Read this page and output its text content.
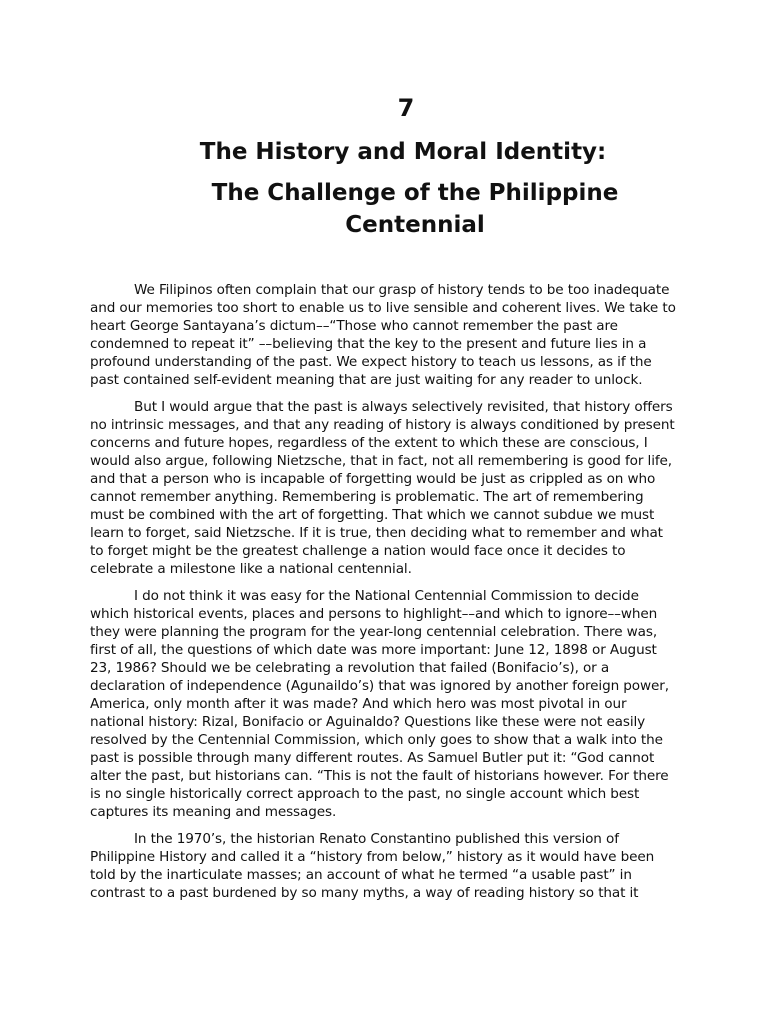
7
The History and Moral Identity:
The Challenge of the Philippine Centennial

We Filipinos often complain that our grasp of history tends to be too inadequate and our memories too short to enable us to live sensible and coherent lives. We take to heart George Santayana’s dictum––“Those who cannot remember the past are condemned to repeat it” ––believing that the key to the present and future lies in a profound understanding of the past. We expect history to teach us lessons, as if the past contained self-evident meaning that are just waiting for any reader to unlock.

But I would argue that the past is always selectively revisited, that history offers no intrinsic messages, and that any reading of history is always conditioned by present concerns and future hopes, regardless of the extent to which these are conscious, I would also argue, following Nietzsche, that in fact, not all remembering is good for life, and that a person who is incapable of forgetting would be just as crippled as on who cannot remember anything. Remembering is problematic. The art of remembering must be combined with the art of forgetting. That which we cannot subdue we must learn to forget, said Nietzsche. If it is true, then deciding what to remember and what to forget might be the greatest challenge a nation would face once it decides to celebrate a milestone like a national centennial.

I do not think it was easy for the National Centennial Commission to decide which historical events, places and persons to highlight––and which to ignore––when they were planning the program for the year-long centennial celebration. There was, first of all, the questions of which date was more important: June 12, 1898 or August 23, 1986? Should we be celebrating a revolution that failed (Bonifacio’s), or a declaration of independence (Agunaildo’s) that was ignored by another foreign power, America, only month after it was made? And which hero was most pivotal in our national history: Rizal, Bonifacio or Aguinaldo? Questions like these were not easily resolved by the Centennial Commission, which only goes to show that a walk into the past is possible through many different routes. As Samuel Butler put it: “God cannot alter the past, but historians can. “This is not the fault of historians however. For there is no single historically correct approach to the past, no single account which best captures its meaning and messages.

In the 1970’s, the historian Renato Constantino published this version of Philippine History and called it a “history from below,” history as it would have been told by the inarticulate masses; an account of what he termed “a usable past” in contrast to a past burdened by so many myths, a way of reading history so that it
